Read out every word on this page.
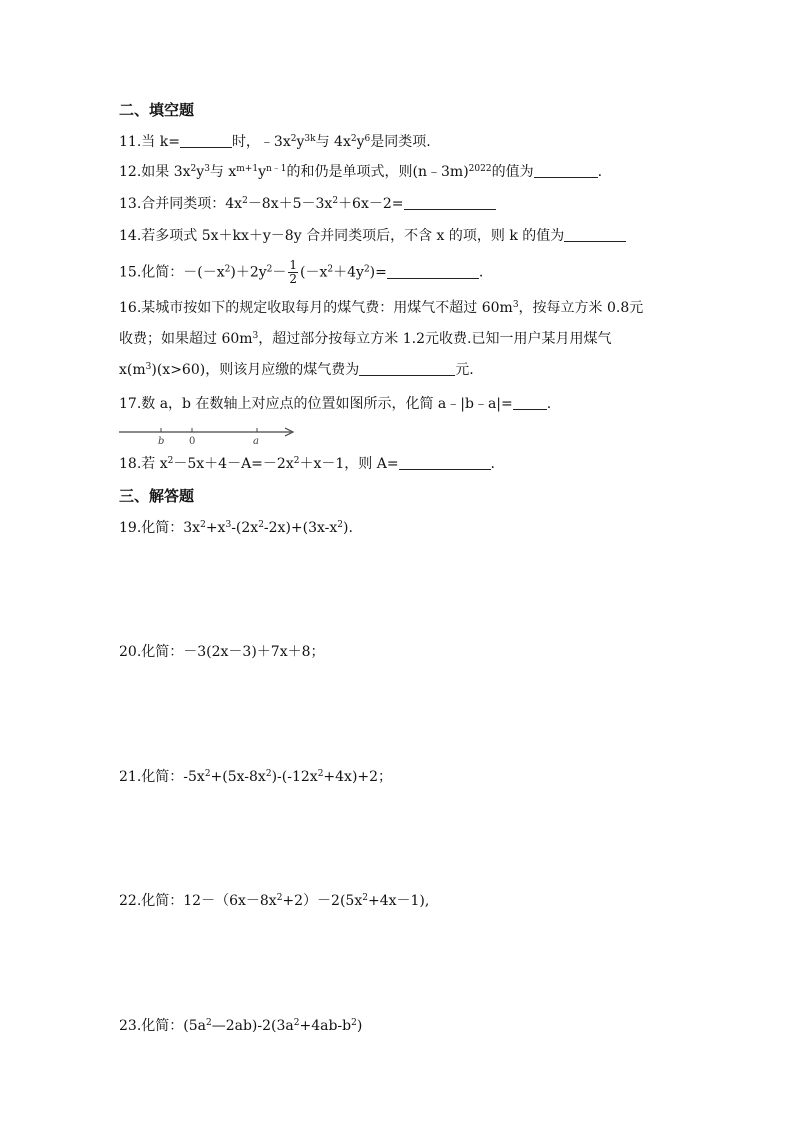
二、填空题
11.当 k=	时，$﹣3x^2y^{3k}$与 $4x^2y^6$是同类项.
12.如果 $3x^2y^3$与 $x^{m+1}y^{n﹣1}$的和仍是单项式，则(n﹣3m)$^{2022}$的值为	.
13.合并同类项：$4x^2-8x+5-3x^2+6x-2=$
14.若多项式 5x＋kx＋y－8y 合并同类项后，不含 x 的项，则 k 的值为
15.化简：$-(-x^2)+2y^2- \frac{1}{2} (-x^2+4y^2)=$	.
16.某城市按如下的规定收取每月的煤气费：用煤气不超过 $60m^3$，按每立方米 0.8元
收费；如果超过 $60m^3$，超过部分按每立方米 1.2元收费.已知一用户某月用煤气
$x(m^3)(x>60)$，则该月应缴的煤气费为	元.
17.数 a，b 在数轴上对应点的位置如图所示，化简 a﹣|b﹣a|= .
b 0	a
18.若 $x^2-5x+4-A=-2x^2+x-1$，则 A=	.
三、解答题
19.化简：$3x^2+x^3-(2x^2-2x)+(3x-x^2)$.
20.化简：－3(2x－3)＋7x＋8；
21.化简：$-5x^2+(5x-8x^2)-(-12x^2+4x)+2$；
22.化简：$12-(6x-8x^2+2)-2(5x^2+4x-1)$,
23.化简：$(5a^2—2ab)-2(3a^2+4ab-b^2)$
